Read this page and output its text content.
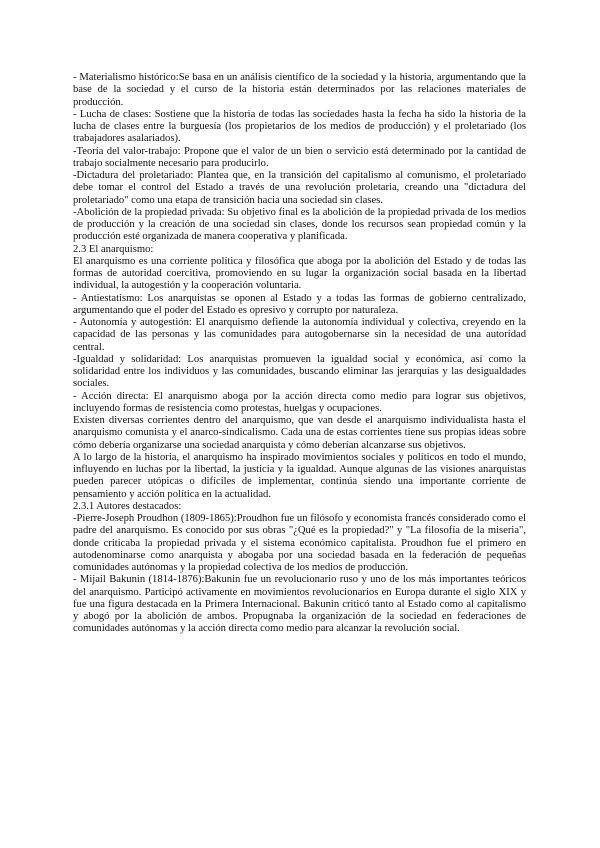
- Materialismo histórico:Se basa en un análisis científico de la sociedad y la historia, argumentando que la base de la sociedad y el curso de la historia están determinados por las relaciones materiales de producción.

- Lucha de clases: Sostiene que la historia de todas las sociedades hasta la fecha ha sido la historia de la lucha de clases entre la burguesía (los propietarios de los medios de producción) y el proletariado (los trabajadores asalariados).

-Teoría del valor-trabajo: Propone que el valor de un bien o servicio está determinado por la cantidad de trabajo socialmente necesario para producirlo.

-Dictadura del proletariado: Plantea que, en la transición del capitalismo al comunismo, el proletariado debe tomar el control del Estado a través de una revolución proletaria, creando una "dictadura del proletariado" como una etapa de transición hacia una sociedad sin clases.

-Abolición de la propiedad privada: Su objetivo final es la abolición de la propiedad privada de los medios de producción y la creación de una sociedad sin clases, donde los recursos sean propiedad común y la producción esté organizada de manera cooperativa y planificada.

2.3 El anarquismo:

El anarquismo es una corriente política y filosófica que aboga por la abolición del Estado y de todas las formas de autoridad coercitiva, promoviendo en su lugar la organización social basada en la libertad individual, la autogestión y la cooperación voluntaria.

- Antiestatismo: Los anarquistas se oponen al Estado y a todas las formas de gobierno centralizado, argumentando que el poder del Estado es opresivo y corrupto por naturaleza.

- Autonomía y autogestión: El anarquismo defiende la autonomía individual y colectiva, creyendo en la capacidad de las personas y las comunidades para autogobernarse sin la necesidad de una autoridad central.

-Igualdad y solidaridad: Los anarquistas promueven la igualdad social y económica, así como la solidaridad entre los individuos y las comunidades, buscando eliminar las jerarquías y las desigualdades sociales.

- Acción directa: El anarquismo aboga por la acción directa como medio para lograr sus objetivos, incluyendo formas de resistencia como protestas, huelgas y ocupaciones.

Existen diversas corrientes dentro del anarquismo, que van desde el anarquismo individualista hasta el anarquismo comunista y el anarco-sindicalismo. Cada una de estas corrientes tiene sus propias ideas sobre cómo debería organizarse una sociedad anarquista y cómo deberían alcanzarse sus objetivos.

A lo largo de la historia, el anarquismo ha inspirado movimientos sociales y políticos en todo el mundo, influyendo en luchas por la libertad, la justicia y la igualdad. Aunque algunas de las visiones anarquistas pueden parecer utópicas o difíciles de implementar, continúa siendo una importante corriente de pensamiento y acción política en la actualidad.

2.3.1 Autores destacados:

-Pierre-Joseph Proudhon (1809-1865):Proudhon fue un filósofo y economista francés considerado como el padre del anarquismo. Es conocido por sus obras "¿Qué es la propiedad?" y "La filosofía de la miseria", donde criticaba la propiedad privada y el sistema económico capitalista. Proudhon fue el primero en autodenominarse como anarquista y abogaba por una sociedad basada en la federación de pequeñas comunidades autónomas y la propiedad colectiva de los medios de producción.

- Mijail Bakunin (1814-1876):Bakunin fue un revolucionario ruso y uno de los más importantes teóricos del anarquismo. Participó activamente en movimientos revolucionarios en Europa durante el siglo XIX y fue una figura destacada en la Primera Internacional. Bakunin criticó tanto al Estado como al capitalismo y abogó por la abolición de ambos. Propugnaba la organización de la sociedad en federaciones de comunidades autónomas y la acción directa como medio para alcanzar la revolución social.
